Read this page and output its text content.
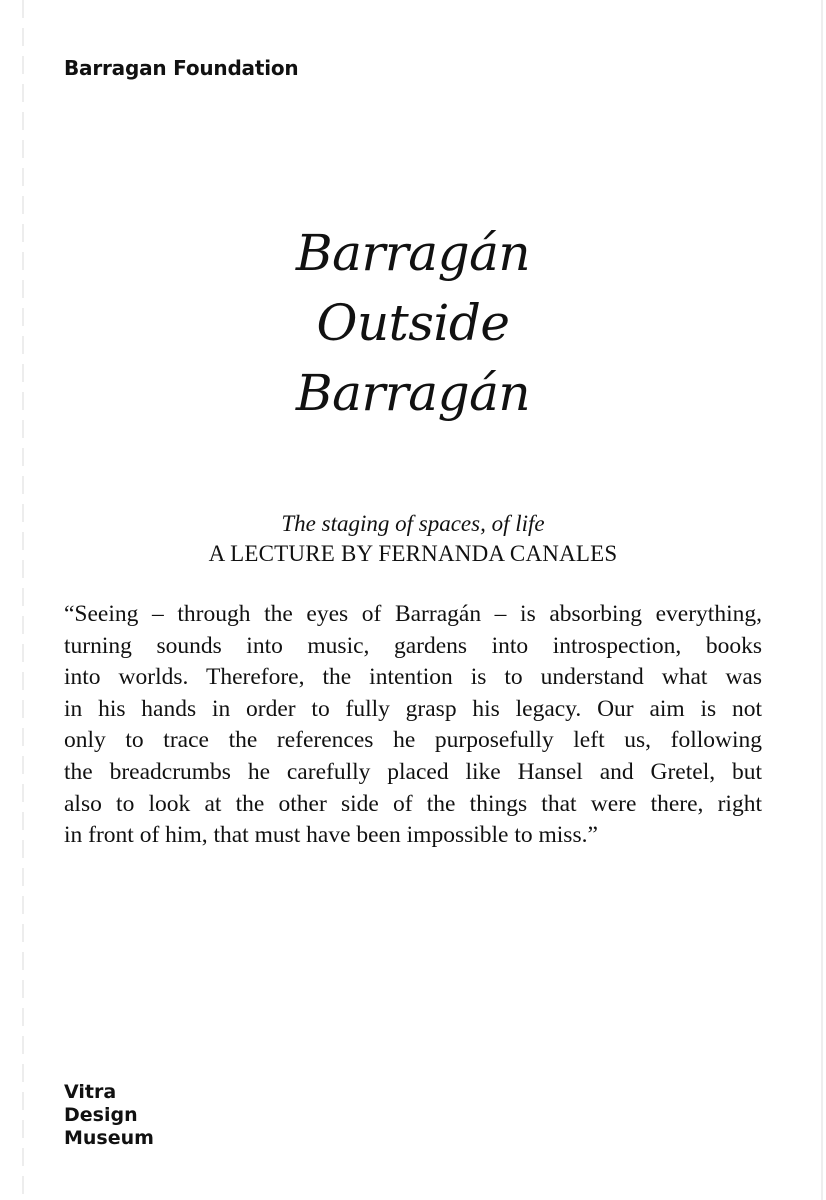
Barragan Foundation
Barragán
Outside
Barragán
The staging of spaces, of life
A LECTURE BY FERNANDA CANALES
“Seeing – through the eyes of Barragán – is absorbing everything,
turning sounds into music, gardens into introspection, books
into worlds. Therefore, the intention is to understand what was
in his hands in order to fully grasp his legacy. Our aim is not
only to trace the references he purposefully left us, following
the breadcrumbs he carefully placed like Hansel and Gretel, but
also to look at the other side of the things that were there, right
in front of him, that must have been impossible to miss.”
Vitra
Design
Museum
